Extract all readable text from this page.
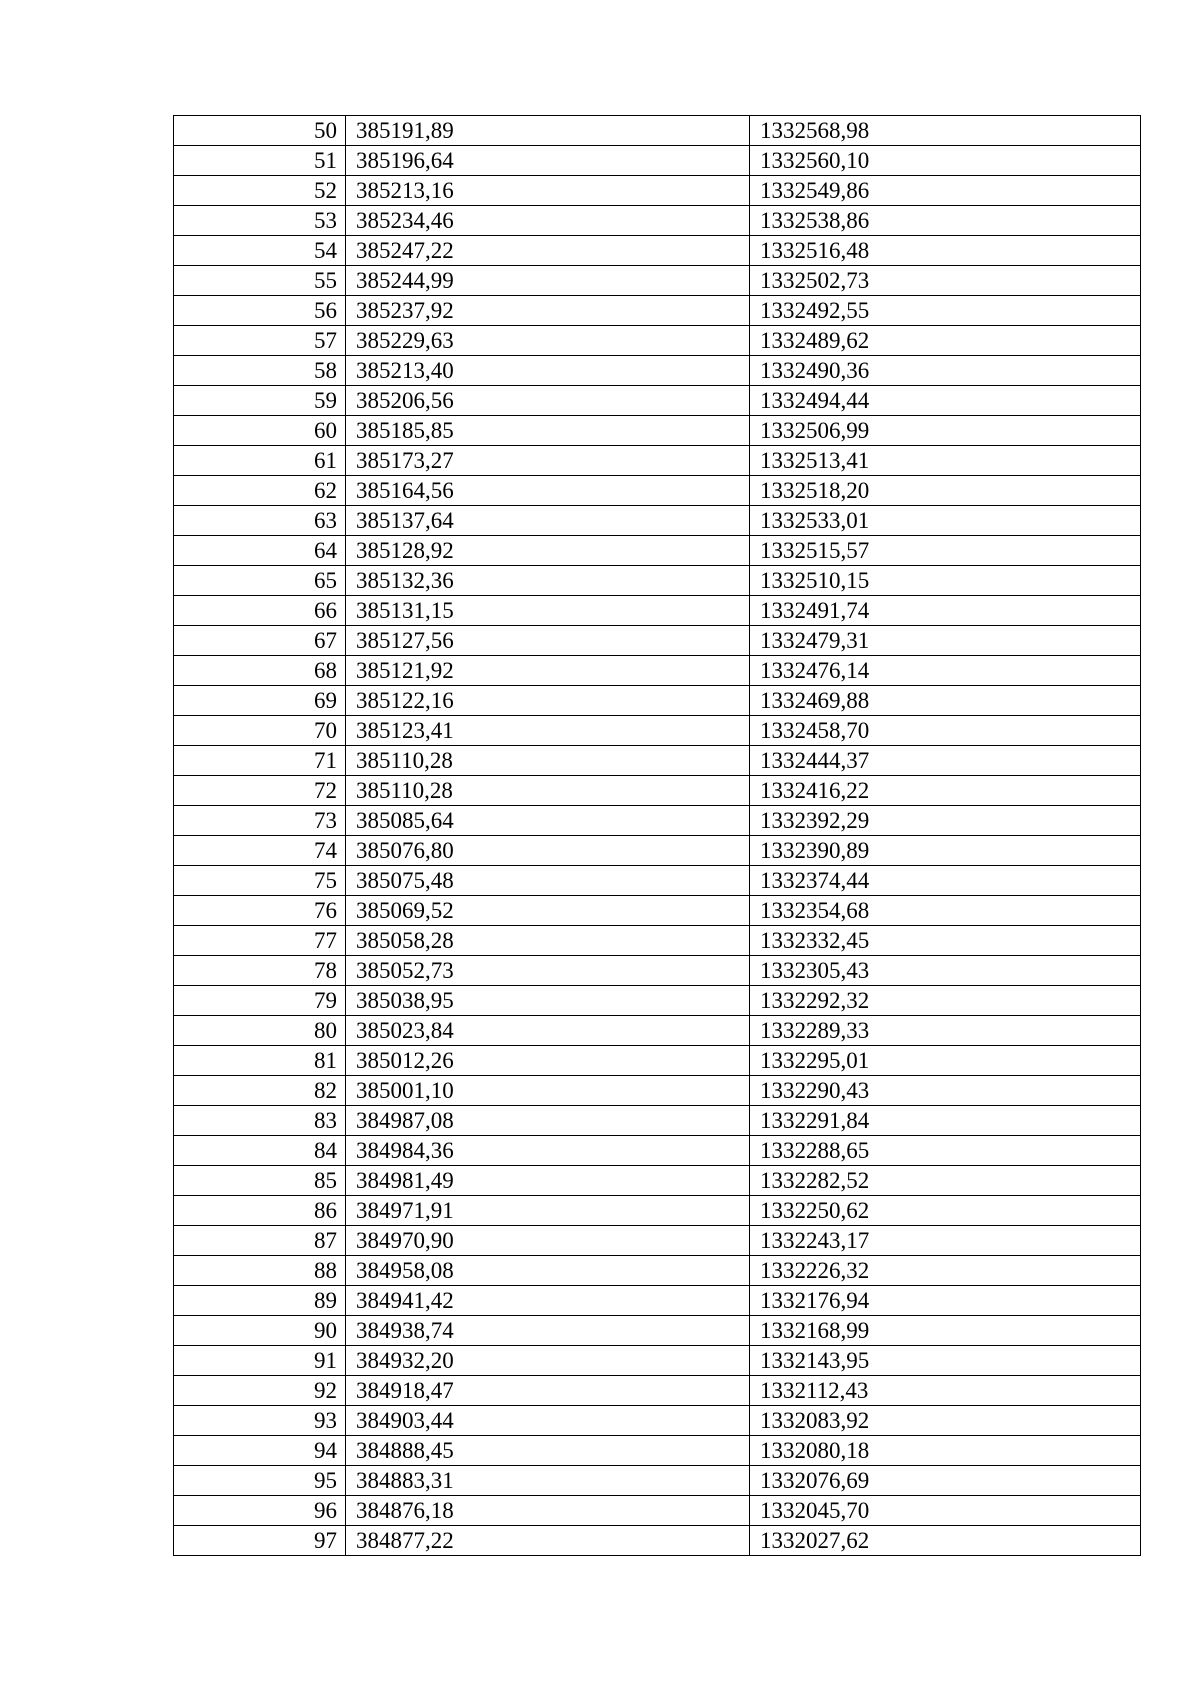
50	385191,89	1332568,98
51	385196,64	1332560,10
52	385213,16	1332549,86
53	385234,46	1332538,86
54	385247,22	1332516,48
55	385244,99	1332502,73
56	385237,92	1332492,55
57	385229,63	1332489,62
58	385213,40	1332490,36
59	385206,56	1332494,44
60	385185,85	1332506,99
61	385173,27	1332513,41
62	385164,56	1332518,20
63	385137,64	1332533,01
64	385128,92	1332515,57
65	385132,36	1332510,15
66	385131,15	1332491,74
67	385127,56	1332479,31
68	385121,92	1332476,14
69	385122,16	1332469,88
70	385123,41	1332458,70
71	385110,28	1332444,37
72	385110,28	1332416,22
73	385085,64	1332392,29
74	385076,80	1332390,89
75	385075,48	1332374,44
76	385069,52	1332354,68
77	385058,28	1332332,45
78	385052,73	1332305,43
79	385038,95	1332292,32
80	385023,84	1332289,33
81	385012,26	1332295,01
82	385001,10	1332290,43
83	384987,08	1332291,84
84	384984,36	1332288,65
85	384981,49	1332282,52
86	384971,91	1332250,62
87	384970,90	1332243,17
88	384958,08	1332226,32
89	384941,42	1332176,94
90	384938,74	1332168,99
91	384932,20	1332143,95
92	384918,47	1332112,43
93	384903,44	1332083,92
94	384888,45	1332080,18
95	384883,31	1332076,69
96	384876,18	1332045,70
97	384877,22	1332027,62
